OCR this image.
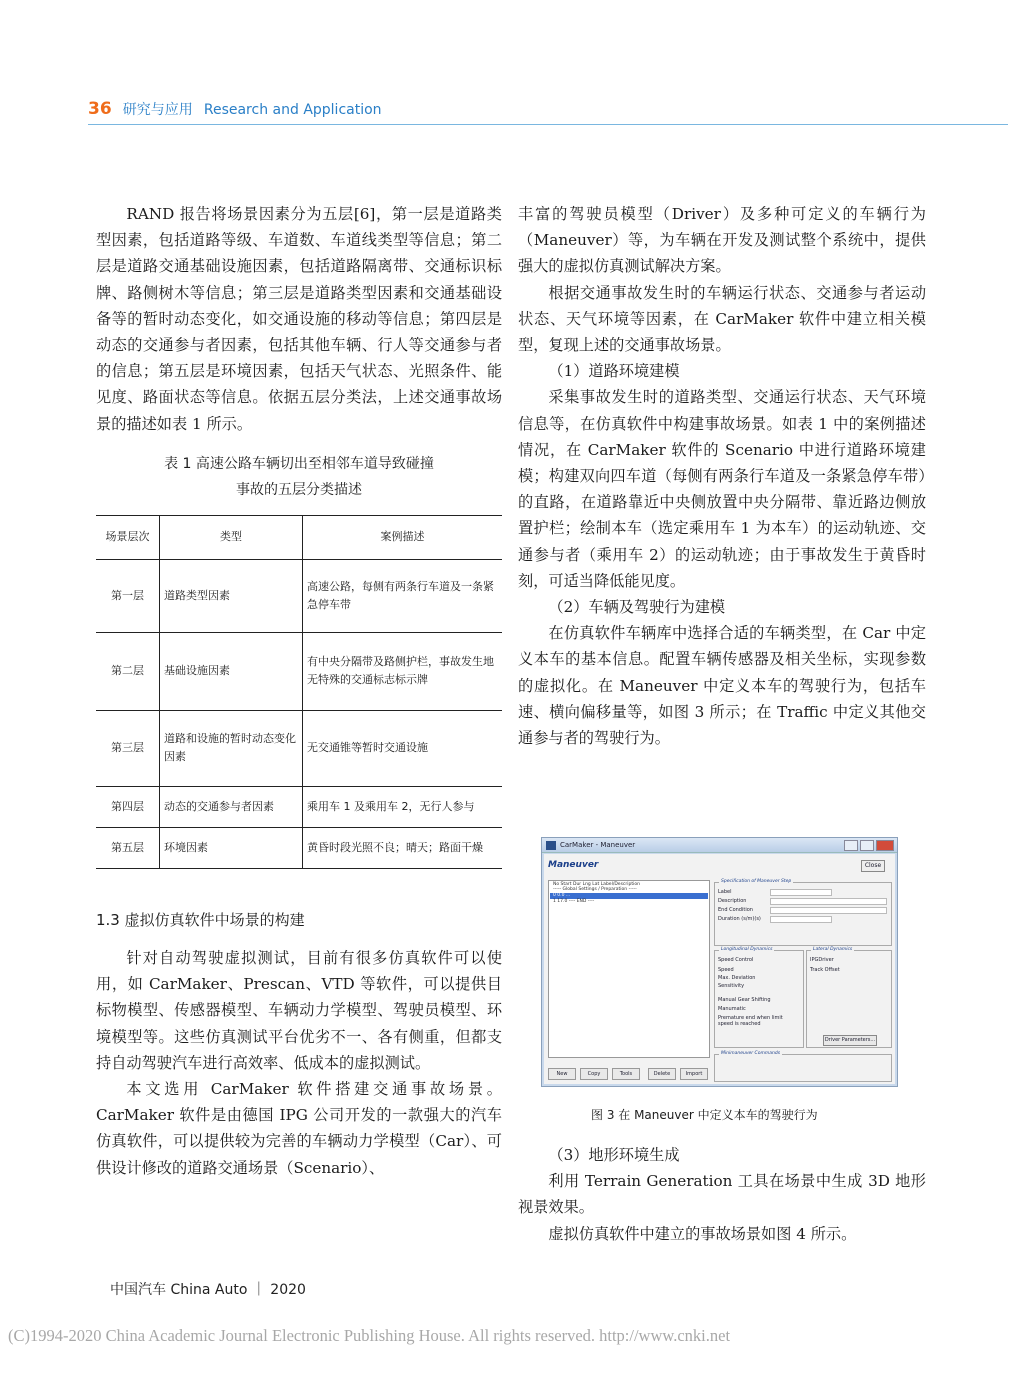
36 研究与应用 Research and Application

RAND 报告将场景因素分为五层[6]，第一层是道路类型因素，包括道路等级、车道数、车道线类型等信息；第二层是道路交通基础设施因素，包括道路隔离带、交通标识标牌、路侧树木等信息；第三层是道路类型因素和交通基础设备等的暂时动态变化，如交通设施的移动等信息；第四层是动态的交通参与者因素，包括其他车辆、行人等交通参与者的信息；第五层是环境因素，包括天气状态、光照条件、能见度、路面状态等信息。依据五层分类法，上述交通事故场景的描述如表 1 所示。

表 1 高速公路车辆切出至相邻车道导致碰撞

事故的五层分类描述

场景层次	类型	案例描述
第一层	道路类型因素	高速公路，每侧有两条行车道及一条紧急停车带
第二层	基础设施因素	有中央分隔带及路侧护栏，事故发生地无特殊的交通标志标示牌
第三层	道路和设施的暂时动态变化因素	无交通锥等暂时交通设施
第四层	动态的交通参与者因素	乘用车 1 及乘用车 2，无行人参与
第五层	环境因素	黄昏时段光照不良；晴天；路面干燥

1.3 虚拟仿真软件中场景的构建

针对自动驾驶虚拟测试，目前有很多仿真软件可以使用，如 CarMaker、Prescan、VTD 等软件，可以提供目标物模型、传感器模型、车辆动力学模型、驾驶员模型、环境模型等。这些仿真测试平台优劣不一、各有侧重，但都支持自动驾驶汽车进行高效率、低成本的虚拟测试。

本文选用 CarMaker 软件搭建交通事故场景。CarMaker 软件是由德国 IPG 公司开发的一款强大的汽车仿真软件，可以提供较为完善的车辆动力学模型（Car）、可供设计修改的道路交通场景（Scenario）、

丰富的驾驶员模型（Driver）及多种可定义的车辆行为（Maneuver）等，为车辆在开发及测试整个系统中，提供强大的虚拟仿真测试解决方案。

根据交通事故发生时的车辆运行状态、交通参与者运动状态、天气环境等因素，在 CarMaker 软件中建立相关模型，复现上述的交通事故场景。

（1）道路环境建模

采集事故发生时的道路类型、交通运行状态、天气环境信息等，在仿真软件中构建事故场景。如表 1 中的案例描述情况，在 CarMaker 软件的 Scenario 中进行道路环境建模；构建双向四车道（每侧有两条行车道及一条紧急停车带）的直路，在道路靠近中央侧放置中央分隔带、靠近路边侧放置护栏；绘制本车（选定乘用车 1 为本车）的运动轨迹、交通参与者（乘用车 2）的运动轨迹；由于事故发生于黄昏时刻，可适当降低能见度。

（2）车辆及驾驶行为建模

在仿真软件车辆库中选择合适的车辆类型，在 Car 中定义本车的基本信息。配置车辆传感器及相关坐标，实现参数的虚拟化。在 Maneuver 中定义本车的驾驶行为，包括车速、横向偏移量等，如图 3 所示；在 Traffic 中定义其他交通参与者的驾驶行为。

CarMaker - Maneuver
Maneuver	Close
No Start Dur Lng Lat Label/Description
----- Global Settings / Preparation -----
0 0.0 ...
1 17.0 ---- END ----
Specification of Maneuver Step
Label
Description
End Condition
Duration (s/m)(s)
Longitudinal Dynamics
Speed Control
Speed
Max. Deviation
Sensitivity
Manual Gear Shifting
Manumatic
Premature end when limit speed is reached
Lateral Dynamics
IPGDriver
Track Offset
Driver Parameters...
Minimaneuver Commands
New	Copy	Tools	Delete	Import
图 3 在 Maneuver 中定义本车的驾驶行为

（3）地形环境生成

利用 Terrain Generation 工具在场景中生成 3D 地形视景效果。

虚拟仿真软件中建立的事故场景如图 4 所示。

中国汽车 China Auto ｜ 2020
(C)1994-2020 China Academic Journal Electronic Publishing House. All rights reserved. http://www.cnki.net
